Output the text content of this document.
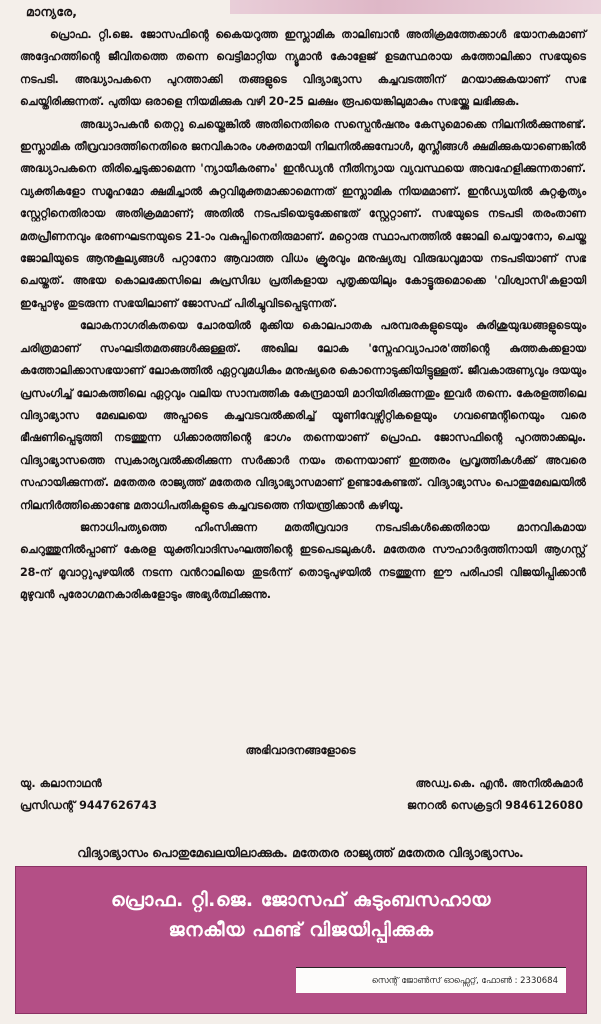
മാന്യരേ,

പ്രൊഫ. റ്റി.ജെ. ജോസഫിന്റെ കൈയറുത്ത ഇസ്ലാമിക താലിബാൻ അതിക്രമത്തേക്കാൾ ഭയാനകമാണ് അദ്ദേഹത്തിന്റെ ജീവിതത്തെ തന്നെ വെട്ടിമാറ്റിയ ന്യൂമാൻ കോളേജ് ഉടമസ്ഥരായ കത്തോലിക്കാ സഭയുടെ നടപടി. അദ്ധ്യാപകനെ പുറത്താക്കി തങ്ങളുടെ വിദ്യാഭ്യാസ കച്ചവടത്തിന് മറയാക്കുകയാണ് സഭ ചെയ്തിരിക്കുന്നത്. പുതിയ ഒരാളെ നിയമിക്കുക വഴി 20-25 ലക്ഷം രൂപയെങ്കിലുമാകും സഭയ്ക്കു ലഭിക്കുക.

അദ്ധ്യാപകൻ തെറ്റു ചെയ്തെങ്കിൽ അതിനെതിരെ സസ്പെൻഷനും കേസുമൊക്കെ നിലനിൽക്കുന്നുണ്ട്. ഇസ്ലാമിക തീവ്രവാദത്തിനെതിരെ ജനവികാരം ശക്തമായി നിലനിൽക്കുമ്പോൾ, മുസ്ലീങ്ങൾ ക്ഷമിക്കുകയാണെങ്കിൽ അദ്ധ്യാപകനെ തിരിച്ചെടുക്കാമെന്ന 'ന്യായീകരണം' ഇൻഡ്യൻ നീതിന്യായ വ്യവസ്ഥയെ അവഹേളിക്കുന്നതാണ്. വ്യക്തികളോ സമൂഹമോ ക്ഷമിച്ചാൽ കുറ്റവിമുക്തമാക്കാമെന്നത് ഇസ്ലാമിക നിയമമാണ്. ഇൻഡ്യയിൽ കുറ്റകൃത്യം സ്റ്റേറ്റിനെതിരായ അതിക്രമമാണ്; അതിൽ നടപടിയെടുക്കേണ്ടത് സ്റ്റേറ്റാണ്. സഭയുടെ നടപടി തരംതാണ മതപ്രീണനവും ഭരണഘടനയുടെ 21-ാം വകുപ്പിനെതിരുമാണ്. മറ്റൊരു സ്ഥാപനത്തിൽ ജോലി ചെയ്യാനോ, ചെയ്ത ജോലിയുടെ ആനുകൂല്യങ്ങൾ പറ്റാനോ ആവാത്ത വിധം ക്രൂരവും മനുഷ്യത്വ വിരുദ്ധവുമായ നടപടിയാണ് സഭ ചെയ്തത്. അഭയ കൊലക്കേസിലെ കുപ്രസിദ്ധ പ്രതികളായ പുതൃക്കയിലും കോട്ടൂരുമൊക്കെ 'വിശ്വാസി'കളായി ഇപ്പോഴും തുടരുന്ന സഭയിലാണ് ജോസഫ് പിരിച്ചുവിടപ്പെടുന്നത്.

ലോകനാഗരികതയെ ചോരയിൽ മുക്കിയ കൊലപാതക പരമ്പരകളുടെയും കുരിശുയുദ്ധങ്ങളുടെയും ചരിത്രമാണ് സംഘടിതമതങ്ങൾക്കുള്ളത്. അഖില ലോക 'സ്നേഹവ്യാപാര'ത്തിന്റെ കുത്തകക്കളായ കത്തോലിക്കാസഭയാണ് ലോകത്തിൽ ഏറ്റവുമധികം മനുഷ്യരെ കൊന്നൊടുക്കിയിട്ടുള്ളത്. ജീവകാരുണ്യവും ദയയും പ്രസംഗിച്ച് ലോകത്തിലെ ഏറ്റവും വലിയ സാമ്പത്തിക കേന്ദ്രമായി മാറിയിരിക്കുന്നതും ഇവർ തന്നെ. കേരളത്തിലെ വിദ്യാഭ്യാസ മേഖലയെ അപ്പാടെ കച്ചവടവൽക്കരിച്ച് യൂണിവേഴ്സിറ്റികളെയും ഗവണ്മെന്റിനെയും വരെ ഭീഷണിപ്പെടുത്തി നടത്തുന്ന ധിക്കാരത്തിന്റെ ഭാഗം തന്നെയാണ് പ്രൊഫ. ജോസഫിന്റെ പുറത്താക്കലും. വിദ്യാഭ്യാസത്തെ സ്വകാര്യവൽക്കരിക്കുന്ന സർക്കാർ നയം തന്നെയാണ് ഇത്തരം പ്രവൃത്തികൾക്ക് അവരെ സഹായിക്കുന്നത്. മതേതര രാജ്യത്ത് മതേതര വിദ്യാഭ്യാസമാണ് ഉണ്ടാകേണ്ടത്. വിദ്യാഭ്യാസം പൊതുമേഖലയിൽ നിലനിർത്തിക്കൊണ്ടേ മതാധിപതികളുടെ കച്ചവടത്തെ നിയന്ത്രിക്കാൻ കഴിയൂ.

ജനാധിപത്യത്തെ ഹിംസിക്കുന്ന മതതീവ്രവാദ നടപടികൾക്കെതിരായ മാനവികമായ ചെറുത്തുനിൽപ്പാണ് കേരള യുക്തിവാദിസംഘത്തിന്റെ ഇടപെടലുകൾ. മതേതര സൗഹാർദ്ദത്തിനായി ആഗസ്റ്റ് 28-ന് മൂവാറ്റുപുഴയിൽ നടന്ന വൻറാലിയെ തുടർന്ന് തൊടുപുഴയിൽ നടത്തുന്ന ഈ പരിപാടി വിജയിപ്പിക്കാൻ മുഴുവൻ പുരോഗമനകാരികളോടും അഭ്യർത്ഥിക്കുന്നു.

അഭിവാദനങ്ങളോടെ
യു. കലാനാഥൻ
പ്രസിഡന്റ് 9447626743
അഡ്വ.കെ. എൻ. അനിൽകുമാർ
ജനറൽ സെക്രട്ടറി 9846126080
വിദ്യാഭ്യാസം പൊതുമേഖലയിലാക്കുക. മതേതര രാജ്യത്ത് മതേതര വിദ്യാഭ്യാസം.
പ്രൊഫ. റ്റി.ജെ. ജോസഫ് കുടുംബസഹായ
ജനകീയ ഫണ്ട് വിജയിപ്പിക്കുക
സെന്റ് ജോൺസ് ഓഫ്സെറ്റ്, ഫോൺ : 2330684
